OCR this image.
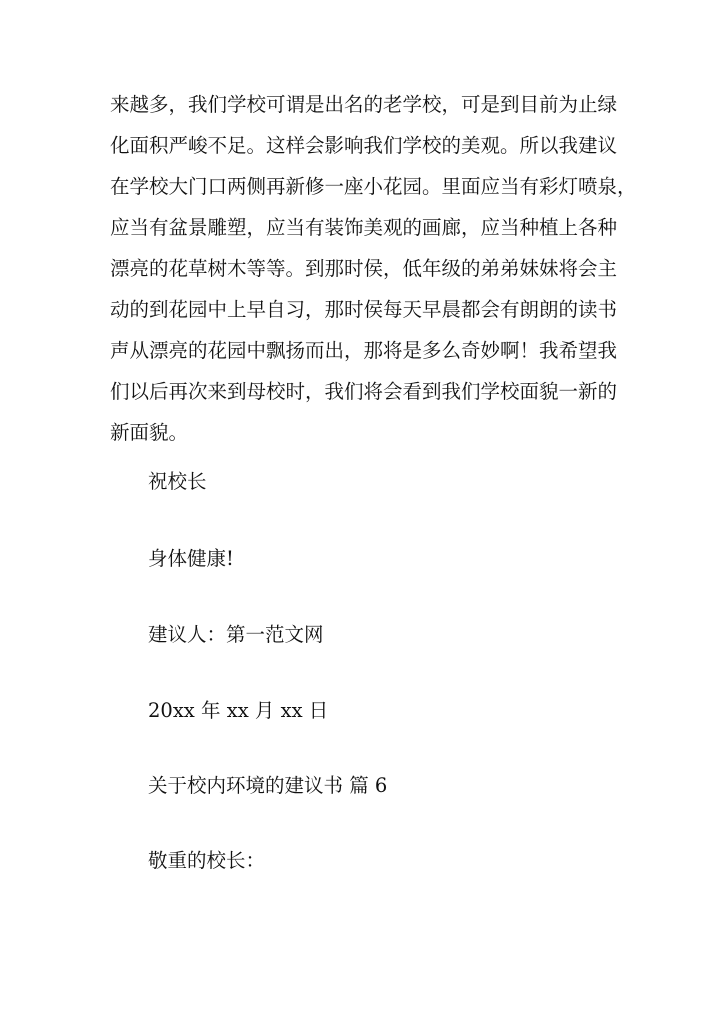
来越多，我们学校可谓是出名的老学校，可是到目前为止绿
化面积严峻不足。这样会影响我们学校的美观。所以我建议
在学校大门口两侧再新修一座小花园。里面应当有彩灯喷泉，
应当有盆景雕塑，应当有装饰美观的画廊，应当种植上各种
漂亮的花草树木等等。到那时侯，低年级的弟弟妹妹将会主
动的到花园中上早自习，那时侯每天早晨都会有朗朗的读书
声从漂亮的花园中飘扬而出，那将是多么奇妙啊！我希望我
们以后再次来到母校时，我们将会看到我们学校面貌一新的
新面貌。

祝校长

身体健康!

建议人：第一范文网

20xx 年 xx 月 xx 日

关于校内环境的建议书 篇 6

敬重的校长：
